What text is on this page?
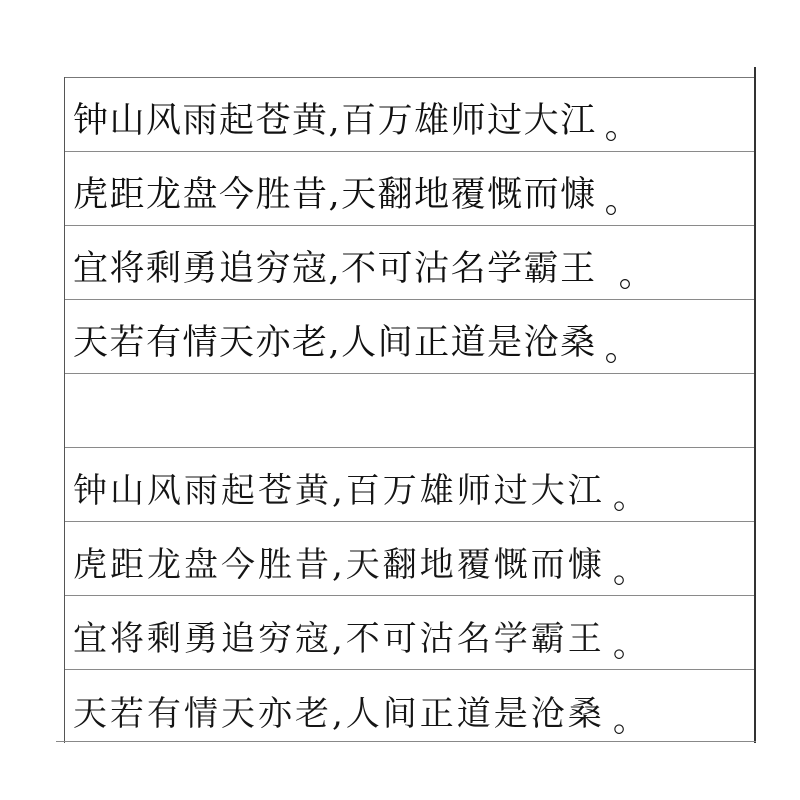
钟山风雨起苍黄,百万雄师过大江 。
虎距龙盘今胜昔,天翻地覆慨而慷 。
宜将剩勇追穷寇,不可沽名学霸王 。
天若有情天亦老,人间正道是沧桑 。
钟山风雨起苍黄,百万雄师过大江 。
虎距龙盘今胜昔,天翻地覆慨而慷 。
宜将剩勇追穷寇,不可沽名学霸王 。
天若有情天亦老,人间正道是沧桑 。
